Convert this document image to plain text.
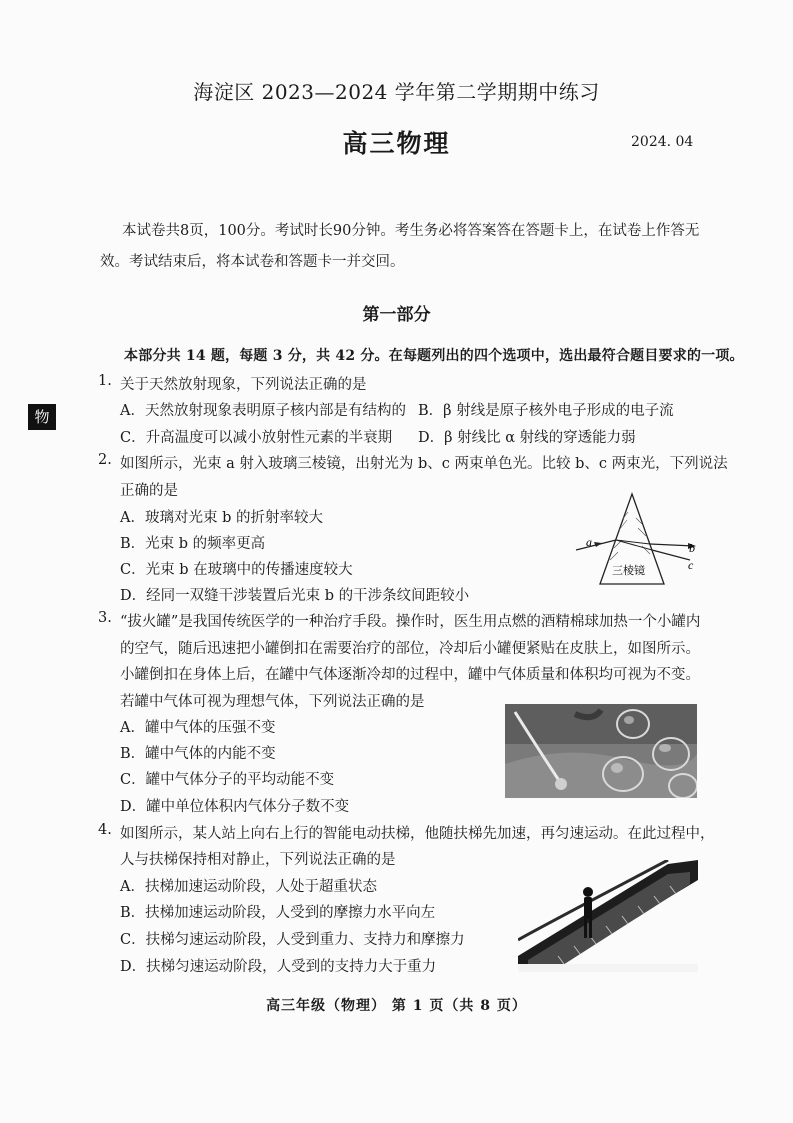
海淀区 2023—2024 学年第二学期期中练习
高三物理	2024. 04

本试卷共8页，100分。考试时长90分钟。考生务必将答案答在答题卡上，在试卷上作答无

效。考试结束后，将本试卷和答题卡一并交回。

第一部分
本部分共 14 题，每题 3 分，共 42 分。在每题列出的四个选项中，选出最符合题目要求的一项。
物
1. 关于天然放射现象，下列说法正确的是
A．天然放射现象表明原子核内部是有结构的 B．β 射线是原子核外电子形成的电子流
C．升高温度可以减小放射性元素的半衰期 D．β 射线比 α 射线的穿透能力弱
2. 如图所示，光束 a 射入玻璃三棱镜，出射光为 b、c 两束单色光。比较 b、c 两束光，下列说法
正确的是
A．玻璃对光束 b 的折射率较大
B．光束 b 的频率更高
C．光束 b 在玻璃中的传播速度较大
D．经同一双缝干涉装置后光束 b 的干涉条纹间距较小
a	b
c
三棱镜
3. “拔火罐”是我国传统医学的一种治疗手段。操作时，医生用点燃的酒精棉球加热一个小罐内
的空气，随后迅速把小罐倒扣在需要治疗的部位，冷却后小罐便紧贴在皮肤上，如图所示。
小罐倒扣在身体上后，在罐中气体逐渐冷却的过程中，罐中气体质量和体积均可视为不变。
若罐中气体可视为理想气体，下列说法正确的是
A．罐中气体的压强不变
B．罐中气体的内能不变
C．罐中气体分子的平均动能不变
D．罐中单位体积内气体分子数不变
4. 如图所示，某人站上向右上行的智能电动扶梯，他随扶梯先加速，再匀速运动。在此过程中，
人与扶梯保持相对静止，下列说法正确的是
A．扶梯加速运动阶段，人处于超重状态
B．扶梯加速运动阶段，人受到的摩擦力水平向左
C．扶梯匀速运动阶段，人受到重力、支持力和摩擦力
D．扶梯匀速运动阶段，人受到的支持力大于重力
高三年级（物理） 第 1 页（共 8 页）
